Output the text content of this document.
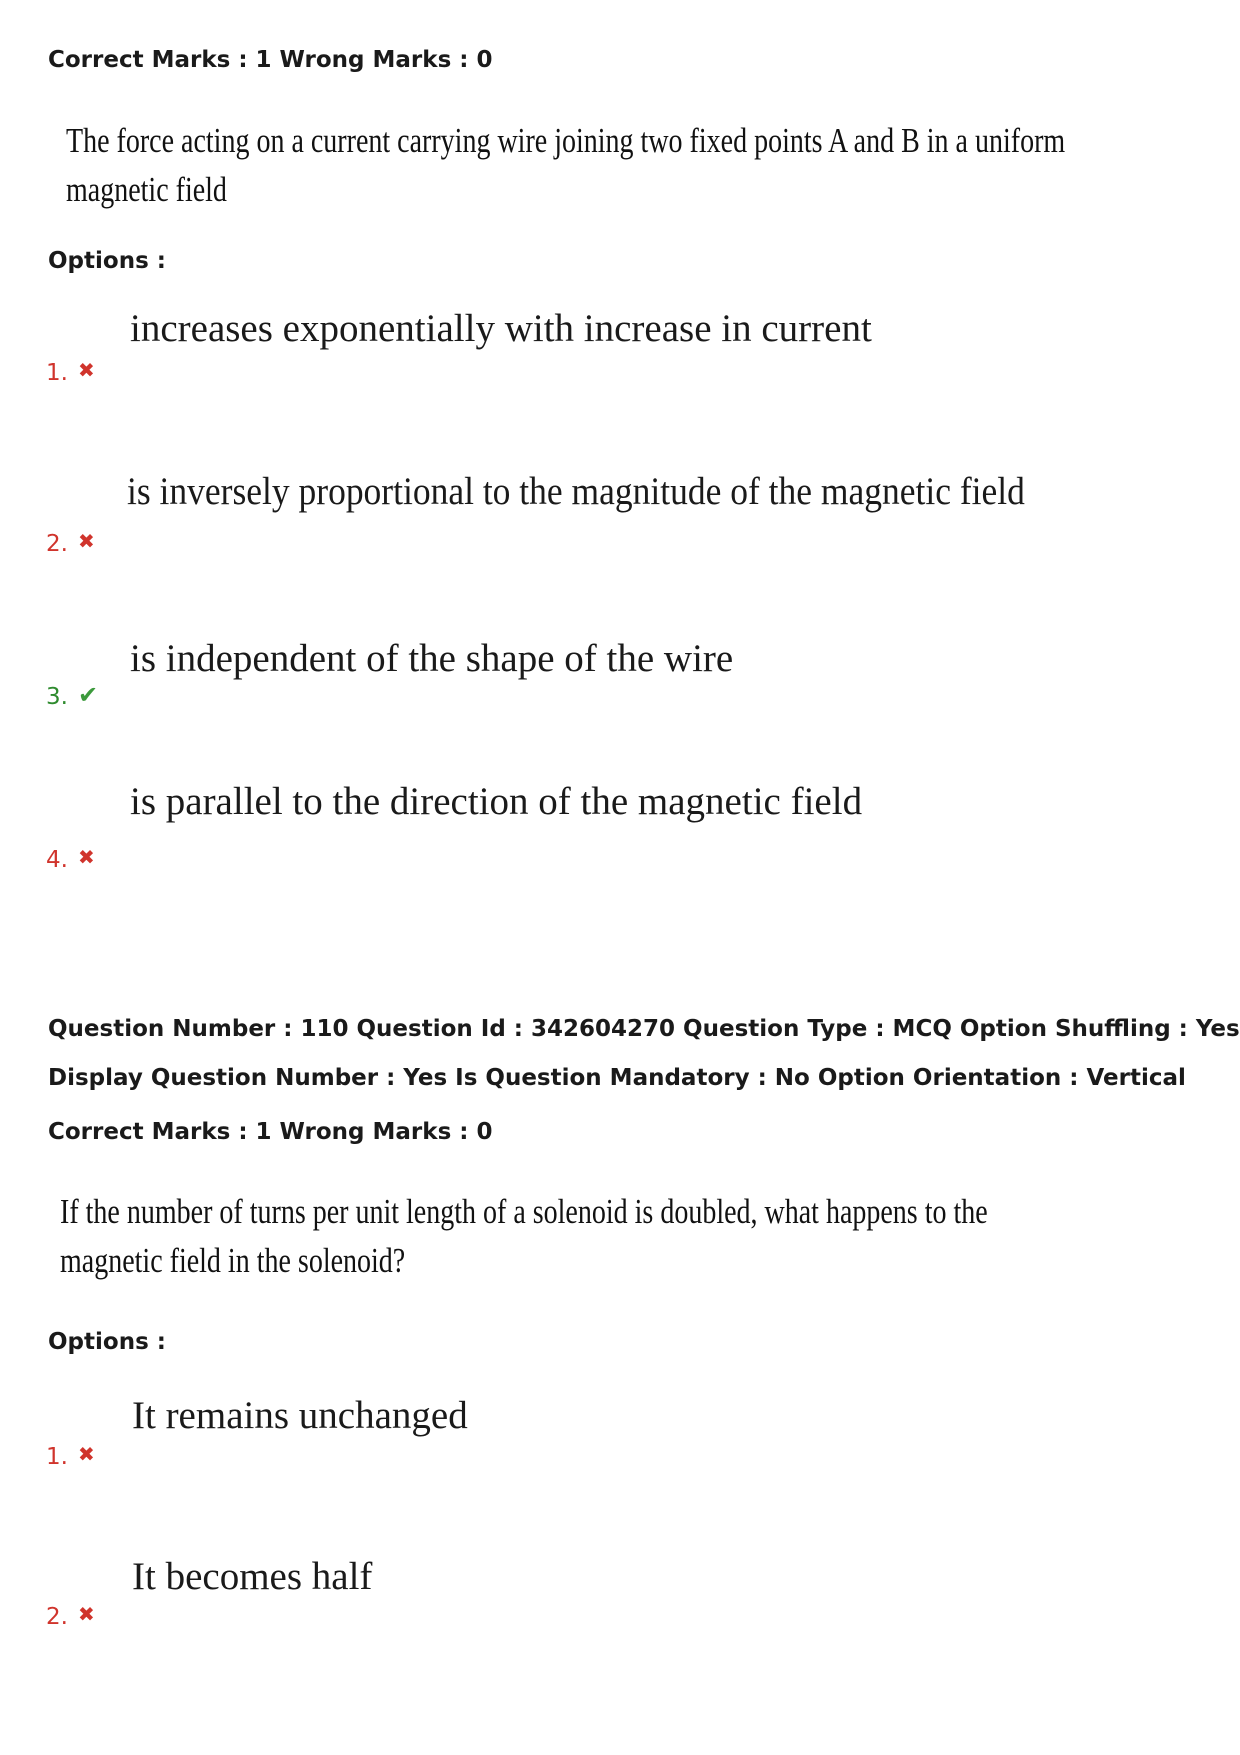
Correct Marks : 1 Wrong Marks : 0
The force acting on a current carrying wire joining two fixed points A and B in a uniform
magnetic field
Options :
increases exponentially with increase in current
1. ✖
is inversely proportional to the magnitude of the magnetic field
2. ✖
is independent of the shape of the wire
3. ✔
is parallel to the direction of the magnetic field
4. ✖
Question Number : 110 Question Id : 342604270 Question Type : MCQ Option Shuffling : Yes
Display Question Number : Yes Is Question Mandatory : No Option Orientation : Vertical
Correct Marks : 1 Wrong Marks : 0
If the number of turns per unit length of a solenoid is doubled, what happens to the
magnetic field in the solenoid?
Options :
It remains unchanged
1. ✖
It becomes half
2. ✖
